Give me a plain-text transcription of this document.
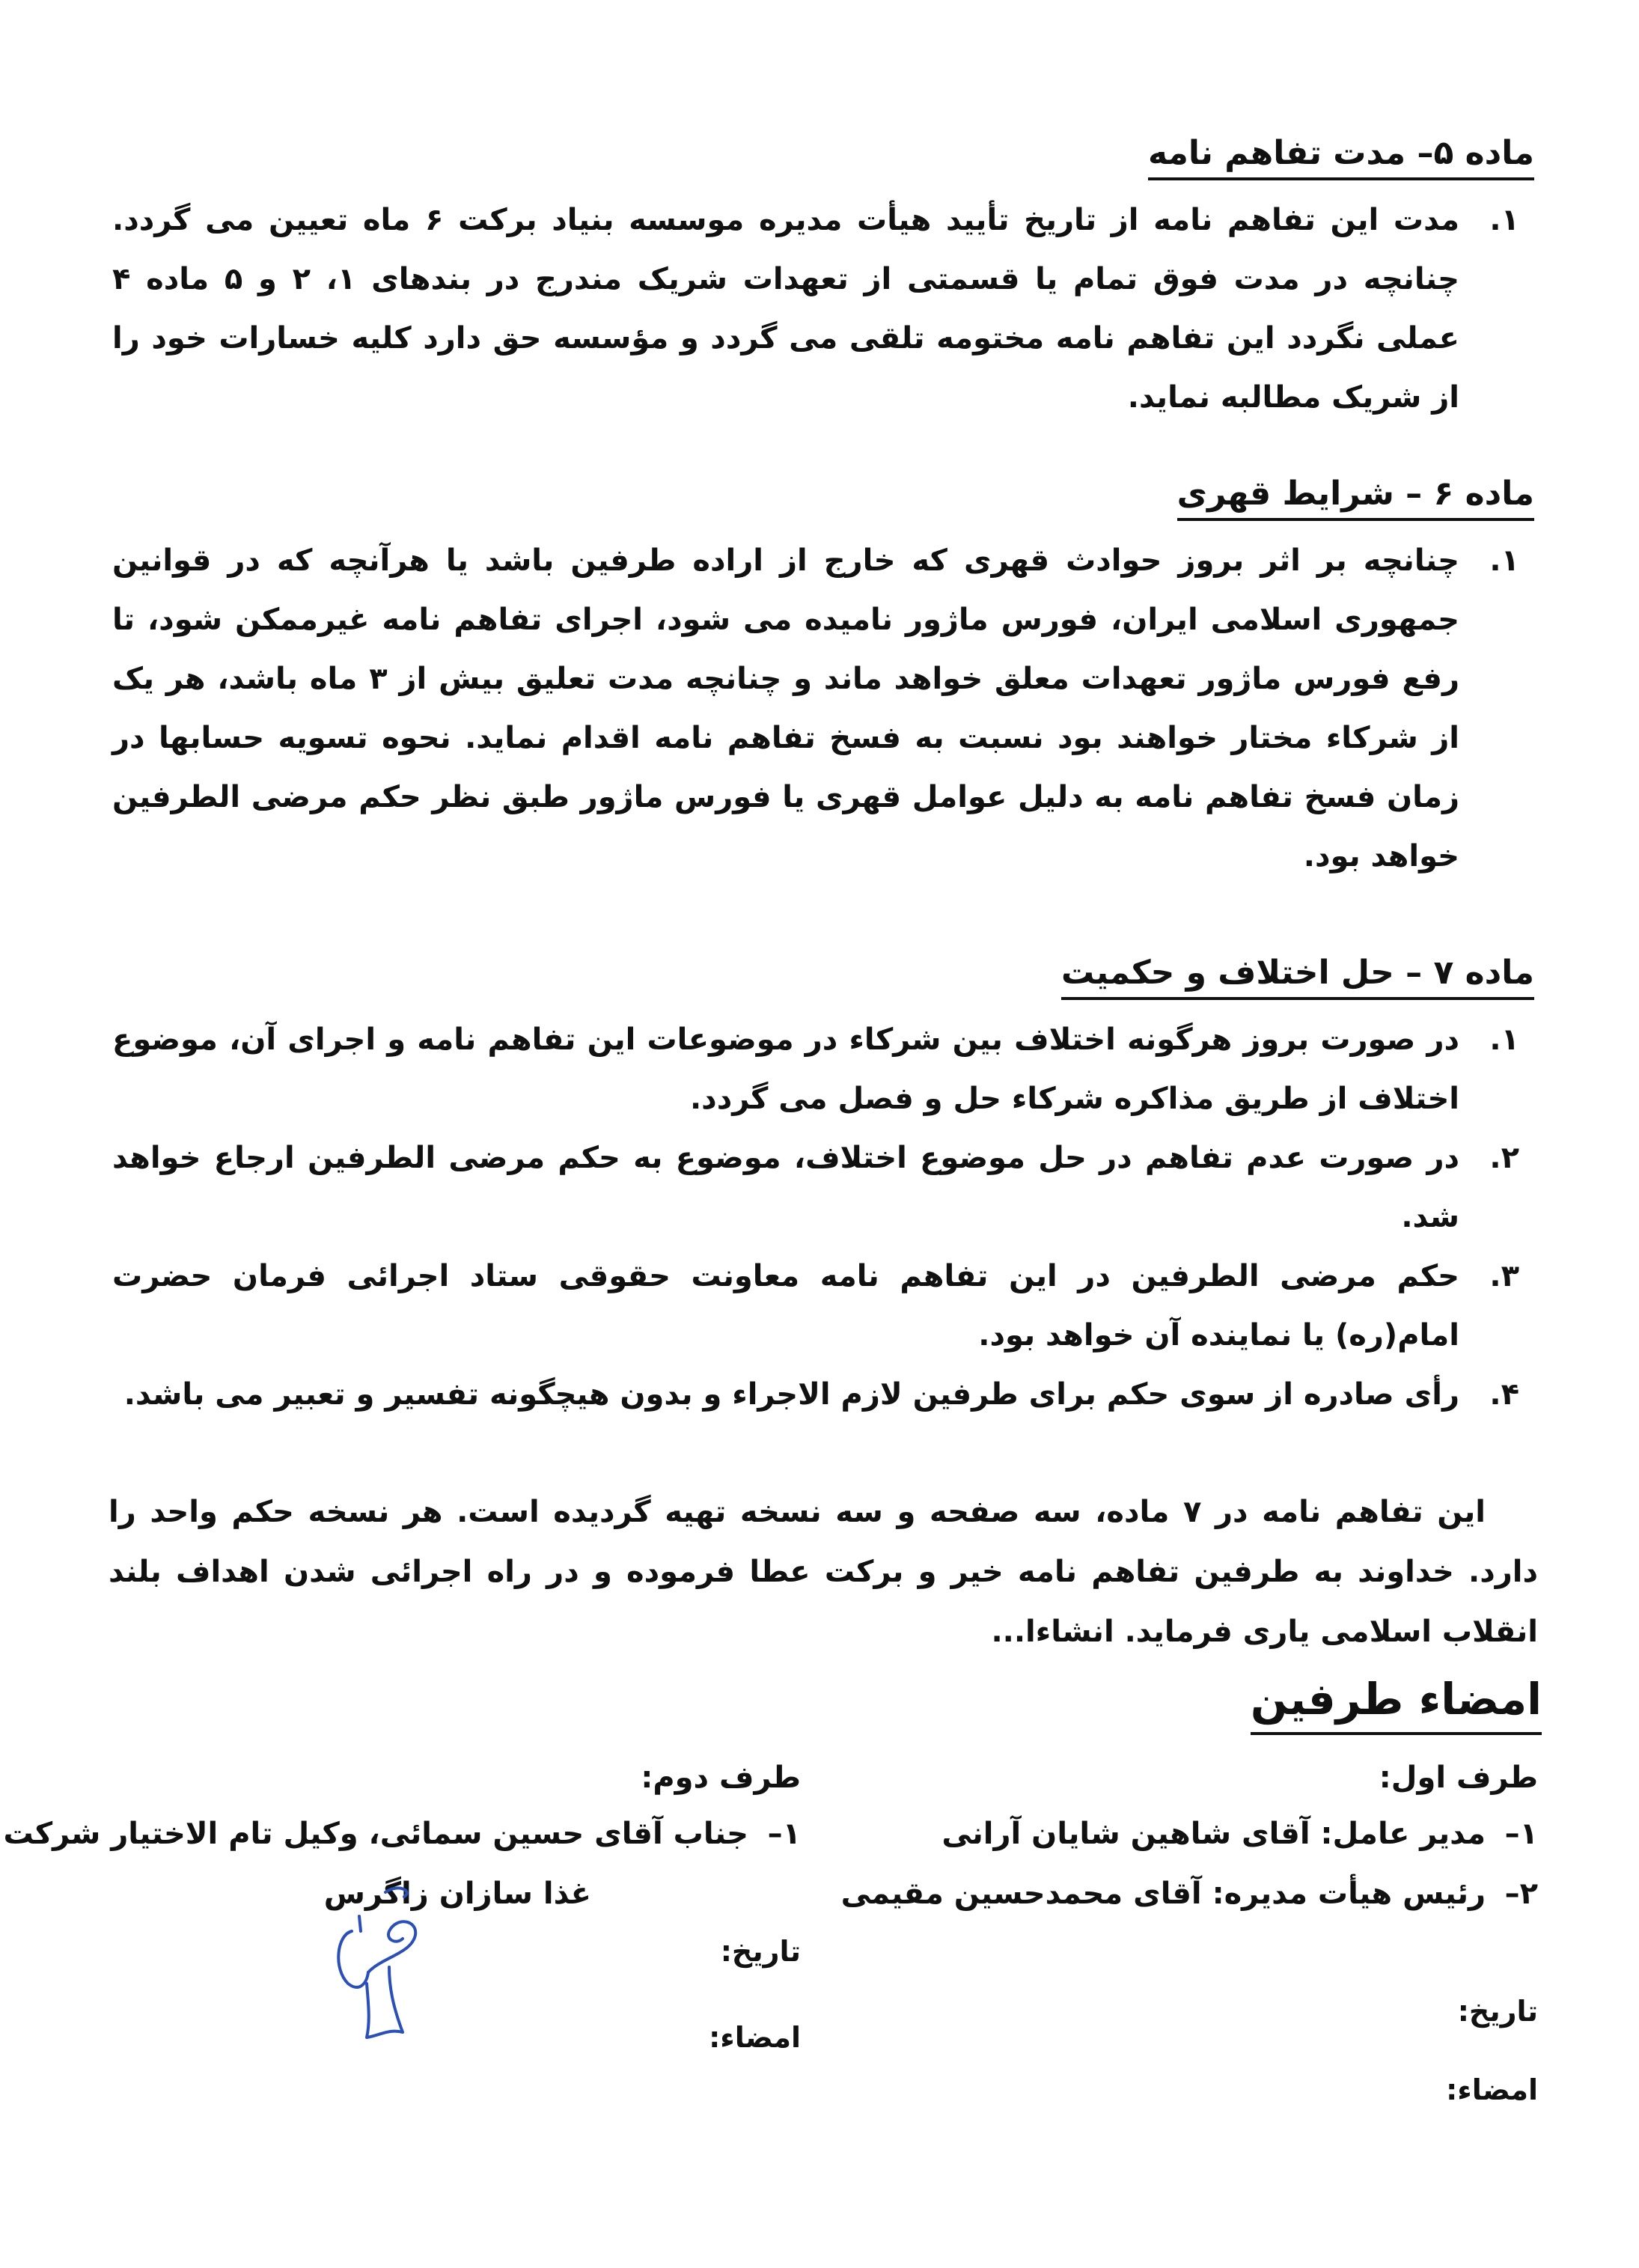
ماده ۵– مدت تفاهم نامه
۱.
مدت این تفاهم نامه از تاریخ تأیید هیأت مدیره موسسه بنیاد برکت ۶ ماه تعیین می گردد. چنانچه در مدت فوق تمام یا قسمتی از تعهدات شریک مندرج در بندهای ۱، ۲ و ۵ ماده ۴ عملی نگردد این تفاهم نامه مختومه تلقی می گردد و مؤسسه حق دارد کلیه خسارات خود را از شریک مطالبه نماید.
ماده ۶ – شرایط قهری
۱.
چنانچه بر اثر بروز حوادث قهری که خارج از اراده طرفین باشد یا هرآنچه که در قوانین جمهوری اسلامی ایران، فورس ماژور نامیده می شود، اجرای تفاهم نامه غیرممکن شود، تا رفع فورس ماژور تعهدات معلق خواهد ماند و چنانچه مدت تعلیق بیش از ۳ ماه باشد، هر یک از شرکاء مختار خواهند بود نسبت به فسخ تفاهم نامه اقدام نماید. نحوه تسویه حسابها در زمان فسخ تفاهم نامه به دلیل عوامل قهری یا فورس ماژور طبق نظر حکم مرضی الطرفین خواهد بود.
ماده ۷ – حل اختلاف و حکمیت
۱.
در صورت بروز هرگونه اختلاف بین شرکاء در موضوعات این تفاهم نامه و اجرای آن، موضوع اختلاف از طریق مذاکره شرکاء حل و فصل می گردد.
۲.
در صورت عدم تفاهم در حل موضوع اختلاف، موضوع به حکم مرضی الطرفین ارجاع خواهد شد.
۳.
حکم مرضی الطرفین در این تفاهم نامه معاونت حقوقی ستاد اجرائی فرمان حضرت امام(ره) یا نماینده آن خواهد بود.
۴.
رأی صادره از سوی حکم برای طرفین لازم الاجراء و بدون هیچگونه تفسیر و تعبیر می باشد.
این تفاهم نامه در ۷ ماده، سه صفحه و سه نسخه تهیه گردیده است. هر نسخه حکم واحد را دارد. خداوند به طرفین تفاهم نامه خیر و برکت عطا فرموده و در راه اجرائی شدن اهداف بلند انقلاب اسلامی یاری فرماید. انشاءا...
امضاء طرفین
طرف اول:
۱–مدیر عامل: آقای شاهین شایان آرانی
۲–رئیس هیأت مدیره: آقای محمدحسین مقیمی
تاریخ:
امضاء:
طرف دوم:
۱–جناب آقای حسین سمائی، وکیل تام الاختیار شرکت
غذا سازان زاگرس
تاریخ:
امضاء:
